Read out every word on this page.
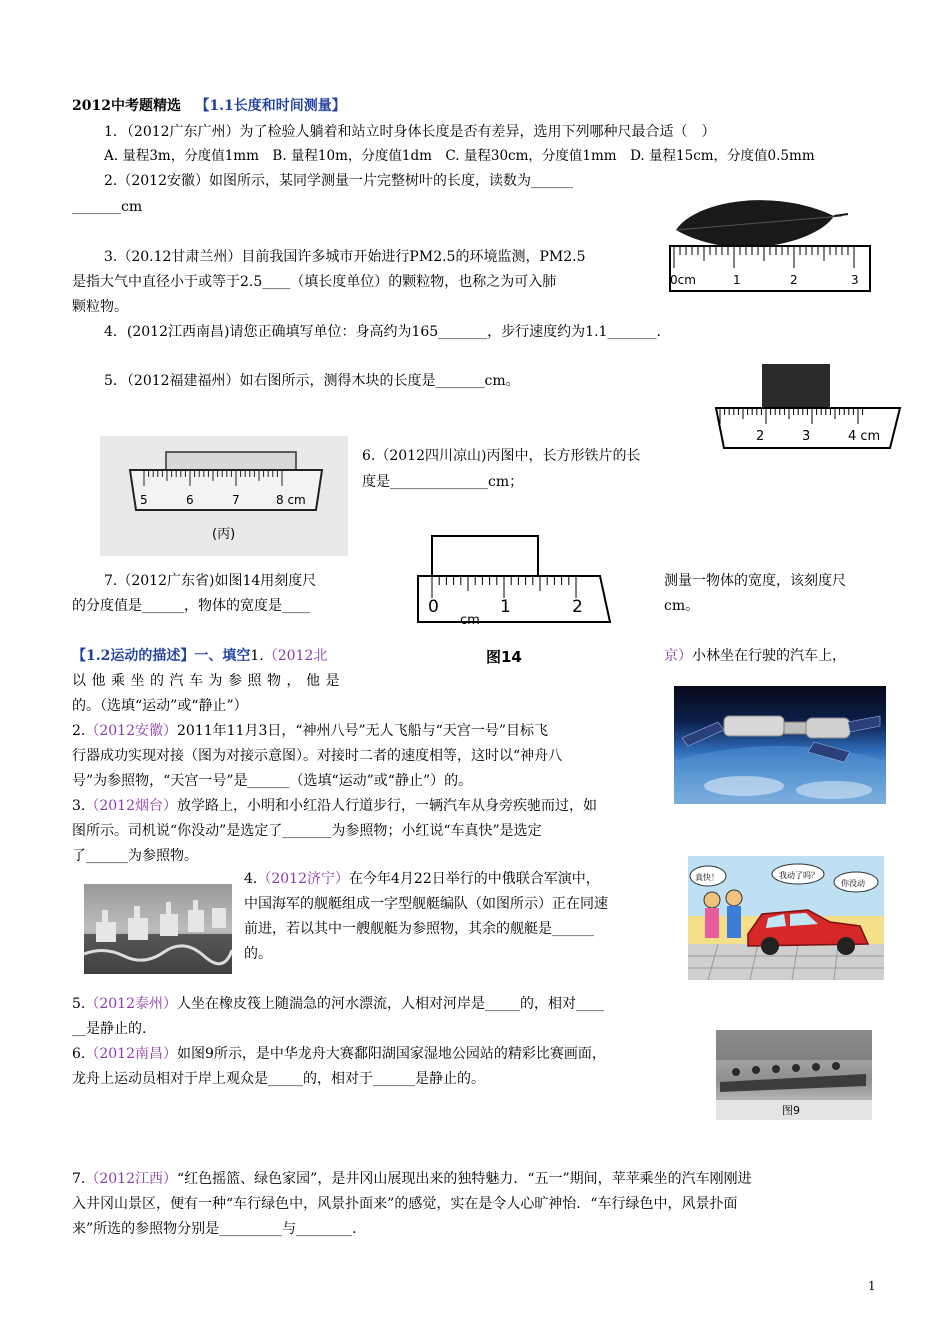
2012中考题精选 【1.1长度和时间测量】
1．（2012广东广州）为了检验人躺着和站立时身体长度是否有差异，选用下列哪种尺最合适（　）
A. 量程3m，分度值1mm　B. 量程10m，分度值1dm　C. 量程30cm，分度值1mm　D. 量程15cm，分度值0.5mm
2.（2012安徽）如图所示，某同学测量一片完整树叶的长度，读数为______
_______cm
0cm	1	2	3
3.（20.12甘肃兰州）目前我国许多城市开始进行PM2.5的环境监测，PM2.5
是指大气中直径小于或等于2.5____（填长度单位）的颗粒物，也称之为可入肺
颗粒物。
4．(2012江西南昌)请您正确填写单位：身高约为165_______，步行速度约为1.1_______.
5．（2012福建福州）如右图所示，测得木块的长度是_______cm。
2	3	4 cm
5	6	7	8 cm
(丙)
6.（2012四川凉山)丙图中，长方形铁片的长
度是______________cm；
0	1	2
cm
图14
7.（2012广东省)如图14用刻度尺
的分度值是______，物体的宽度是____
测量一物体的宽度，该刻度尺
cm。
【1.2运动的描述】一、填空1.（2012北	京）小林坐在行驶的汽车上，
以他乘坐的汽车为参照物，他是
的。（选填“运动”或“静止”）
2.（2012安徽）2011年11月3日，“神州八号”无人飞船与“天宫一号”目标飞
行器成功实现对接（图为对接示意图）。对接时二者的速度相等，这时以“神舟八
号”为参照物，“天宫一号”是______（选填“运动”或“静止”）的。
3.（2012烟台）放学路上，小明和小红沿人行道步行，一辆汽车从身旁疾驰而过，如
图所示。司机说“你没动”是选定了_______为参照物；小红说“车真快”是选定
了______为参照物。
真快！	我动了吗？
你没动
4.（2012济宁）在今年4月22日举行的中俄联合军演中，
中国海军的舰艇组成一字型舰艇编队（如图所示）正在同速
前进，若以其中一艘舰艇为参照物，其余的舰艇是______
的。
5.（2012泰州）人坐在橡皮筏上随湍急的河水漂流，人相对河岸是_____的，相对____
__是静止的.
6.（2012南昌）如图9所示，是中华龙舟大赛鄱阳湖国家湿地公园站的精彩比赛画面，
龙舟上运动员相对于岸上观众是_____的，相对于______是静止的。
图9
7.（2012江西）“红色摇篮、绿色家园”，是井冈山展现出来的独特魅力．“五一”期间，苹苹乘坐的汽车刚刚进
入井冈山景区，便有一种“车行绿色中，风景扑面来”的感觉，实在是令人心旷神怡．“车行绿色中，风景扑面
来”所选的参照物分别是_________与________.
1
